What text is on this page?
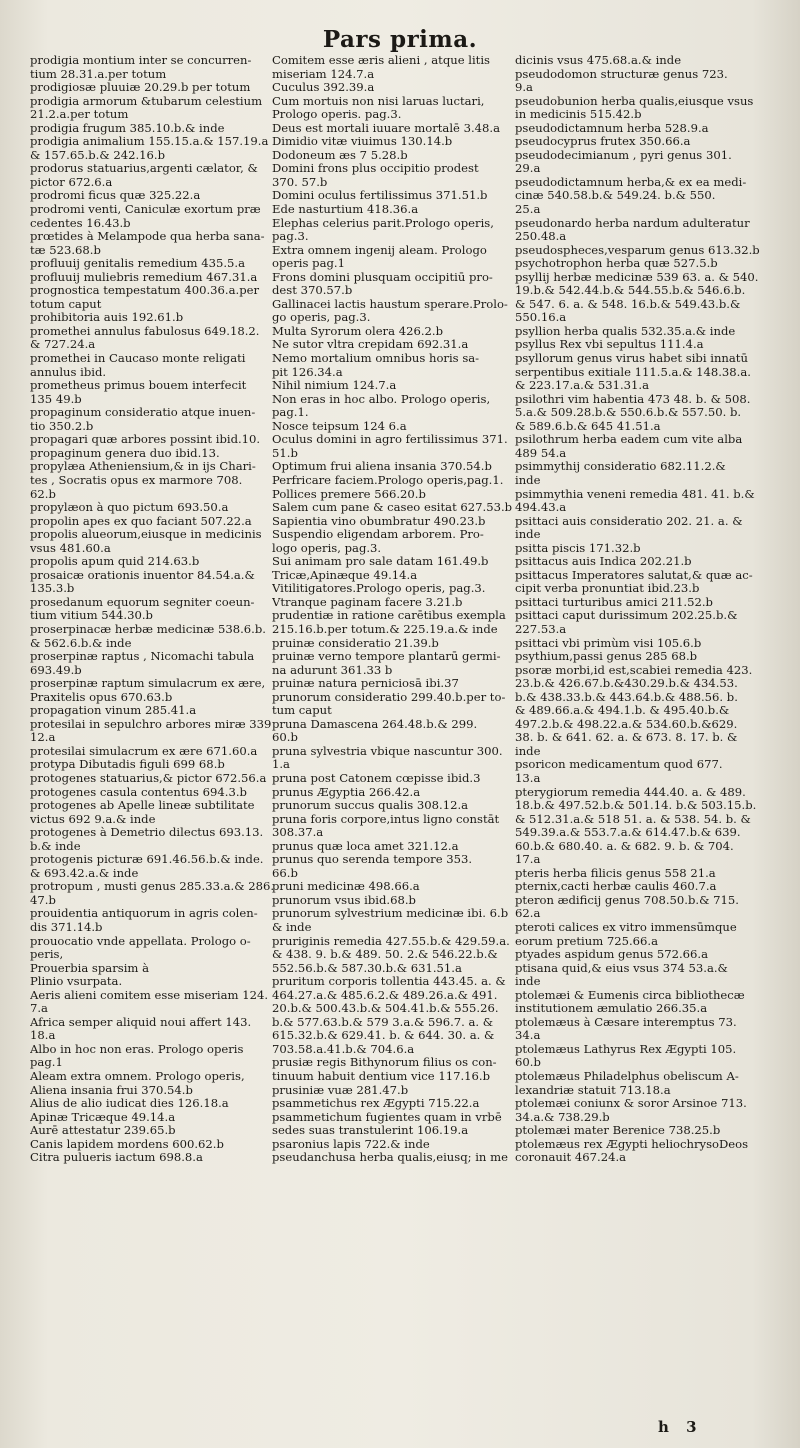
Pars prima.
prodigia montium inter se concurren-
tium 28.31.a.per totum
prodigiosæ pluuiæ 20.29.b per totum
prodigia armorum &tubarum celestium
21.2.a.per totum
prodigia frugum 385.10.b.& inde
prodigia animalium 155.15.a.& 157.19.a
& 157.65.b.& 242.16.b
prodorus statuarius,argenti cælator, &
pictor 672.6.a
prodromi ficus quæ 325.22.a
prodromi venti, Caniculæ exortum præ
cedentes 16.43.b
prœtides à Melampode qua herba sana-
tæ 523.68.b
profluuij genitalis remedium 435.5.a
profluuij muliebris remedium 467.31.a
prognostica tempestatum 400.36.a.per
totum caput
prohibitoria auis 192.61.b
promethei annulus fabulosus 649.18.2.
& 727.24.a
promethei in Caucaso monte religati
annulus ibid.
prometheus primus bouem interfecit
135 49.b
propaginum consideratio atque inuen-
tio 350.2.b
propagari quæ arbores possint ibid.10.
propaginum genera duo ibid.13.
propylæa Atheniensium,& in ijs Chari-
tes , Socratis opus ex marmore 708.
62.b
propylæon à quo pictum 693.50.a
propolin apes ex quo faciant 507.22.a
propolis alueorum,eiusque in medicinis
vsus 481.60.a
propolis apum quid 214.63.b
prosaicæ orationis inuentor 84.54.a.&
135.3.b
prosedanum equorum segniter coeun-
tium vitium 544.30.b
proserpinacæ herbæ medicinæ 538.6.b.
& 562.6.b.& inde
proserpinæ raptus , Nicomachi tabula
693.49.b
proserpinæ raptum simulacrum ex ære,
Praxitelis opus 670.63.b
propagation vinum 285.41.a
protesilai in sepulchro arbores miræ 339
12.a
protesilai simulacrum ex ære 671.60.a
protypa Dibutadis figuli 699 68.b
protogenes statuarius,& pictor 672.56.a
protogenes casula contentus 694.3.b
protogenes ab Apelle lineæ subtilitate
victus 692 9.a.& inde
protogenes à Demetrio dilectus 693.13.
b.& inde
protogenis picturæ 691.46.56.b.& inde.
& 693.42.a.& inde
protropum , musti genus 285.33.a.& 286.
47.b
prouidentia antiquorum in agris colen-
dis 371.14.b
prouocatio vnde appellata. Prologo o-
peris,
Prouerbia sparsim à
Plinio vsurpata.
Aeris alieni comitem esse miseriam 124.
7.a
Africa semper aliquid noui affert 143.
18.a
Albo in hoc non eras. Prologo operis
pag.1
Aleam extra omnem. Prologo operis,
Aliena insania frui 370.54.b
Alius de alio iudicat dies 126.18.a
Apinæ Tricæque 49.14.a
Aurē attestatur 239.65.b
Canis lapidem mordens 600.62.b
Citra pulueris iactum 698.8.a
Comitem esse æris alieni , atque litis
miseriam 124.7.a
Cuculus 392.39.a
Cum mortuis non nisi laruas luctari,
Prologo operis. pag.3.
Deus est mortali iuuare mortalē 3.48.a
Dimidio vitæ viuimus 130.14.b
Dodoneum æs 7 5.28.b
Domini frons plus occipitio prodest
370. 57.b
Domini oculus fertilissimus 371.51.b
Ede nasturtium 418.36.a
Elephas celerius parit.Prologo operis,
pag.3.
Extra omnem ingenij aleam. Prologo
operis pag.1
Frons domini plusquam occipitiū pro-
dest 370.57.b
Gallinacei lactis haustum sperare.Prolo-
go operis, pag.3.
Multa Syrorum olera 426.2.b
Ne sutor vltra crepidam 692.31.a
Nemo mortalium omnibus horis sa-
pit 126.34.a
Nihil nimium 124.7.a
Non eras in hoc albo. Prologo operis,
pag.1.
Nosce teipsum 124 6.a
Oculus domini in agro fertilissimus 371.
51.b
Optimum frui aliena insania 370.54.b
Perfricare faciem.Prologo operis,pag.1.
Pollices premere 566.20.b
Salem cum pane & caseo esitat 627.53.b
Sapientia vino obumbratur 490.23.b
Suspendio eligendam arborem. Pro-
logo operis, pag.3.
Sui animam pro sale datam 161.49.b
Tricæ,Apinæque 49.14.a
Vitilitigatores.Prologo operis, pag.3.
Vtranque paginam facere 3.21.b
prudentiæ in ratione carētibus exempla
215.16.b.per totum.& 225.19.a.& inde
pruinæ consideratio 21.39.b
pruinæ verno tempore plantarū germi-
na adurunt 361.33 b
pruinæ natura perniciosā ibi.37
prunorum consideratio 299.40.b.per to-
tum caput
pruna Damascena 264.48.b.& 299.
60.b
pruna sylvestria vbique nascuntur 300.
1.a
pruna post Catonem cœpisse ibid.3
prunus Ægyptia 266.42.a
prunorum succus qualis 308.12.a
pruna foris corpore,intus ligno constāt
308.37.a
prunus quæ loca amet 321.12.a
prunus quo serenda tempore 353.
66.b
pruni medicinæ 498.66.a
prunorum vsus ibid.68.b
prunorum sylvestrium medicinæ ibi. 6.b
& inde
pruriginis remedia 427.55.b.& 429.59.a.
& 438. 9. b.& 489. 50. 2.& 546.22.b.&
552.56.b.& 587.30.b.& 631.51.a
pruritum corporis tollentia 443.45. a. &
464.27.a.& 485.6.2.& 489.26.a.& 491.
20.b.& 500.43.b.& 504.41.b.& 555.26.
b.& 577.63.b.& 579 3.a.& 596.7. a. &
615.32.b.& 629.41. b. & 644. 30. a. &
703.58.a.41.b.& 704.6.a
prusiæ regis Bithynorum filius os con-
tinuum habuit dentium vice 117.16.b
prusiniæ vuæ 281.47.b
psammetichus rex Ægypti 715.22.a
psammetichum fugientes quam in vrbē
sedes suas transtulerint 106.19.a
psaronius lapis 722.& inde
pseudanchusa herba qualis,eiusq; in me
dicinis vsus 475.68.a.& inde
pseudodomon structuræ genus 723.
9.a
pseudobunion herba qualis,eiusque vsus
in medicinis 515.42.b
pseudodictamnum herba 528.9.a
pseudocyprus frutex 350.66.a
pseudodecimianum , pyri genus 301.
29.a
pseudodictamnum herba,& ex ea medi-
cinæ 540.58.b.& 549.24. b.& 550.
25.a
pseudonardo herba nardum adulteratur
250.48.a
pseudospheces,vesparum genus 613.32.b
psychotrophon herba quæ 527.5.b
psyllij herbæ medicinæ 539 63. a. & 540.
19.b.& 542.44.b.& 544.55.b.& 546.6.b.
& 547. 6. a. & 548. 16.b.& 549.43.b.&
550.16.a
psyllion herba qualis 532.35.a.& inde
psyllus Rex vbi sepultus 111.4.a
psyllorum genus virus habet sibi innatū
serpentibus exitiale 111.5.a.& 148.38.a.
& 223.17.a.& 531.31.a
psilothri vim habentia 473 48. b. & 508.
5.a.& 509.28.b.& 550.6.b.& 557.50. b.
& 589.6.b.& 645 41.51.a
psilothrum herba eadem cum vite alba
489 54.a
psimmythij consideratio 682.11.2.&
inde
psimmythia veneni remedia 481. 41. b.&
494.43.a
psittaci auis consideratio 202. 21. a. &
inde
psitta piscis 171.32.b
psittacus auis Indica 202.21.b
psittacus Imperatores salutat,& quæ ac-
cipit verba pronuntiat ibid.23.b
psittaci turturibus amici 211.52.b
psittaci caput durissimum 202.25.b.&
227.53.a
psittaci vbi primùm visi 105.6.b
psythium,passi genus 285 68.b
psoræ morbi,id est,scabiei remedia 423.
23.b.& 426.67.b.&430.29.b.& 434.53.
b.& 438.33.b.& 443.64.b.& 488.56. b.
& 489.66.a.& 494.1.b. & 495.40.b.&
497.2.b.& 498.22.a.& 534.60.b.&629.
38. b. & 641. 62. a. & 673. 8. 17. b. &
inde
psoricon medicamentum quod 677.
13.a
pterygiorum remedia 444.40. a. & 489.
18.b.& 497.52.b.& 501.14. b.& 503.15.b.
& 512.31.a.& 518 51. a. & 538. 54. b. &
549.39.a.& 553.7.a.& 614.47.b.& 639.
60.b.& 680.40. a. & 682. 9. b. & 704.
17.a
pteris herba filicis genus 558 21.a
pternix,cacti herbæ caulis 460.7.a
pteron ædificij genus 708.50.b.& 715.
62.a
pteroti calices ex vitro immensūmque
eorum pretium 725.66.a
ptyades aspidum genus 572.66.a
ptisana quid,& eius vsus 374 53.a.&
inde
ptolemæi & Eumenis circa bibliothecæ
institutionem æmulatio 266.35.a
ptolemæus à Cæsare interemptus 73.
34.a
ptolemæus Lathyrus Rex Ægypti 105.
60.b
ptolemæus Philadelphus obeliscum A-
lexandriæ statuit 713.18.a
ptolemæi coniunx & soror Arsinoe 713.
34.a.& 738.29.b
ptolemæi mater Berenice 738.25.b
ptolemæus rex Ægypti heliochrysoDeos
coronauit 467.24.a
h 3
